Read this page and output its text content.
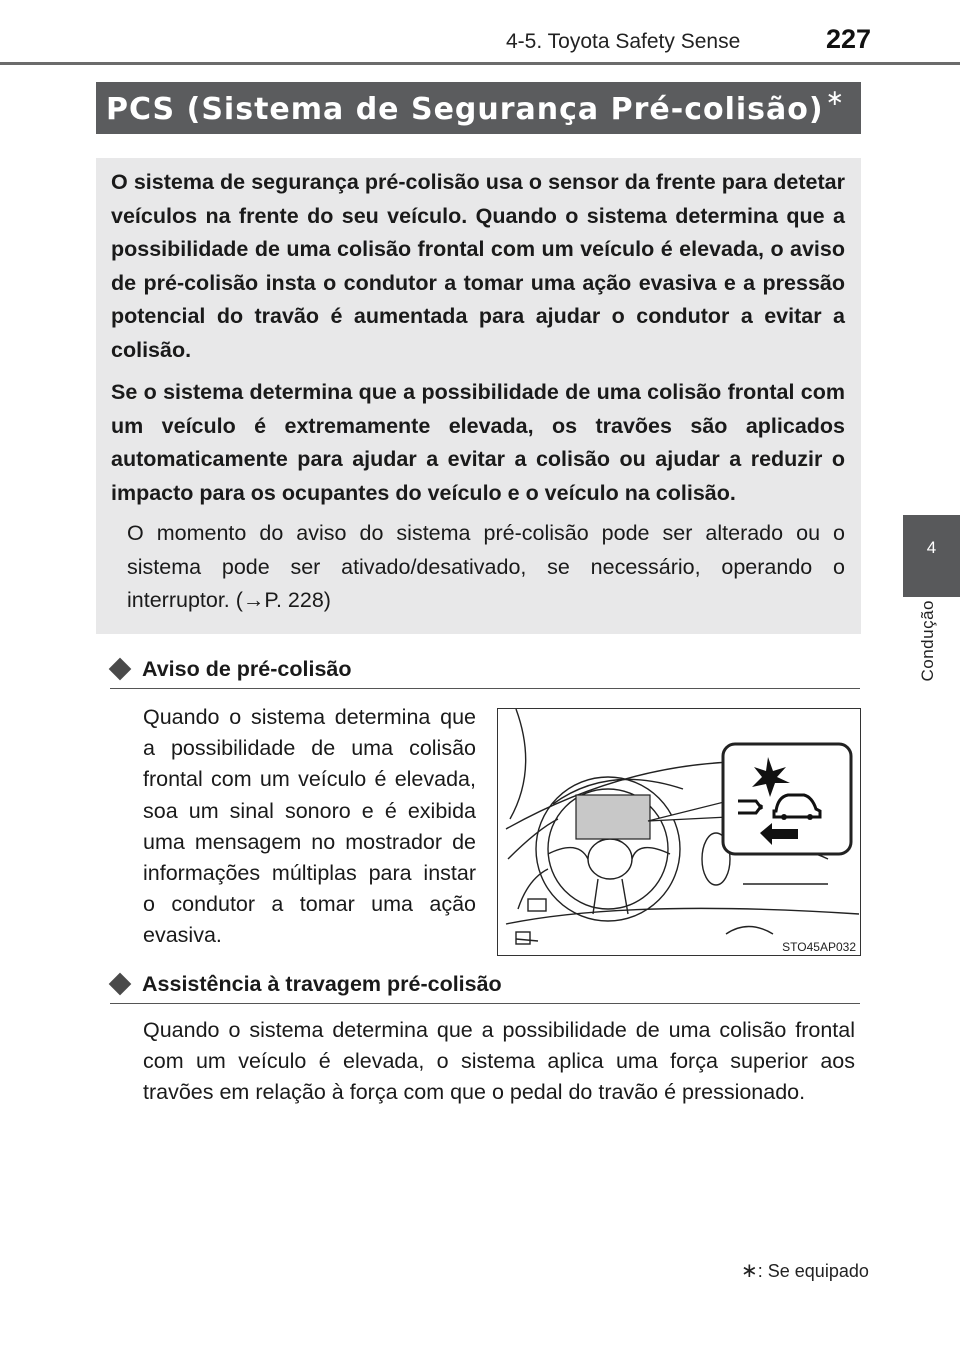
4-5. Toyota Safety Sense	227
4
Condução
PCS (Sistema de Segurança Pré-colisão)∗

O sistema de segurança pré-colisão usa o sensor da frente para detetar veículos na frente do seu veículo. Quando o sistema determina que a possibilidade de uma colisão frontal com um veículo é elevada, o aviso de pré-colisão insta o condutor a tomar uma ação evasiva e a pressão potencial do travão é aumentada para ajudar o condutor a evitar a colisão.

Se o sistema determina que a possibilidade de uma colisão frontal com um veículo é extremamente elevada, os travões são aplicados automaticamente para ajudar a evitar a colisão ou ajudar a reduzir o impacto para os ocupantes do veículo e o veículo na colisão.

O momento do aviso do sistema pré-colisão pode ser alterado ou o sistema pode ser ativado/desativado, se necessário, operando o interruptor. (→P. 228)

Aviso de pré-colisão

Quando o sistema determina que a possibilidade de uma colisão frontal com um veículo é elevada, soa um sinal sonoro e é exibida uma mensagem no mostrador de informações múltiplas para instar o condutor a tomar uma ação evasiva.	STO45AP032
Assistência à travagem pré-colisão

Quando o sistema determina que a possibilidade de uma colisão frontal com um veículo é elevada, o sistema aplica uma força superior aos travões em relação à força com que o pedal do travão é pressionado.

∗: Se equipado
